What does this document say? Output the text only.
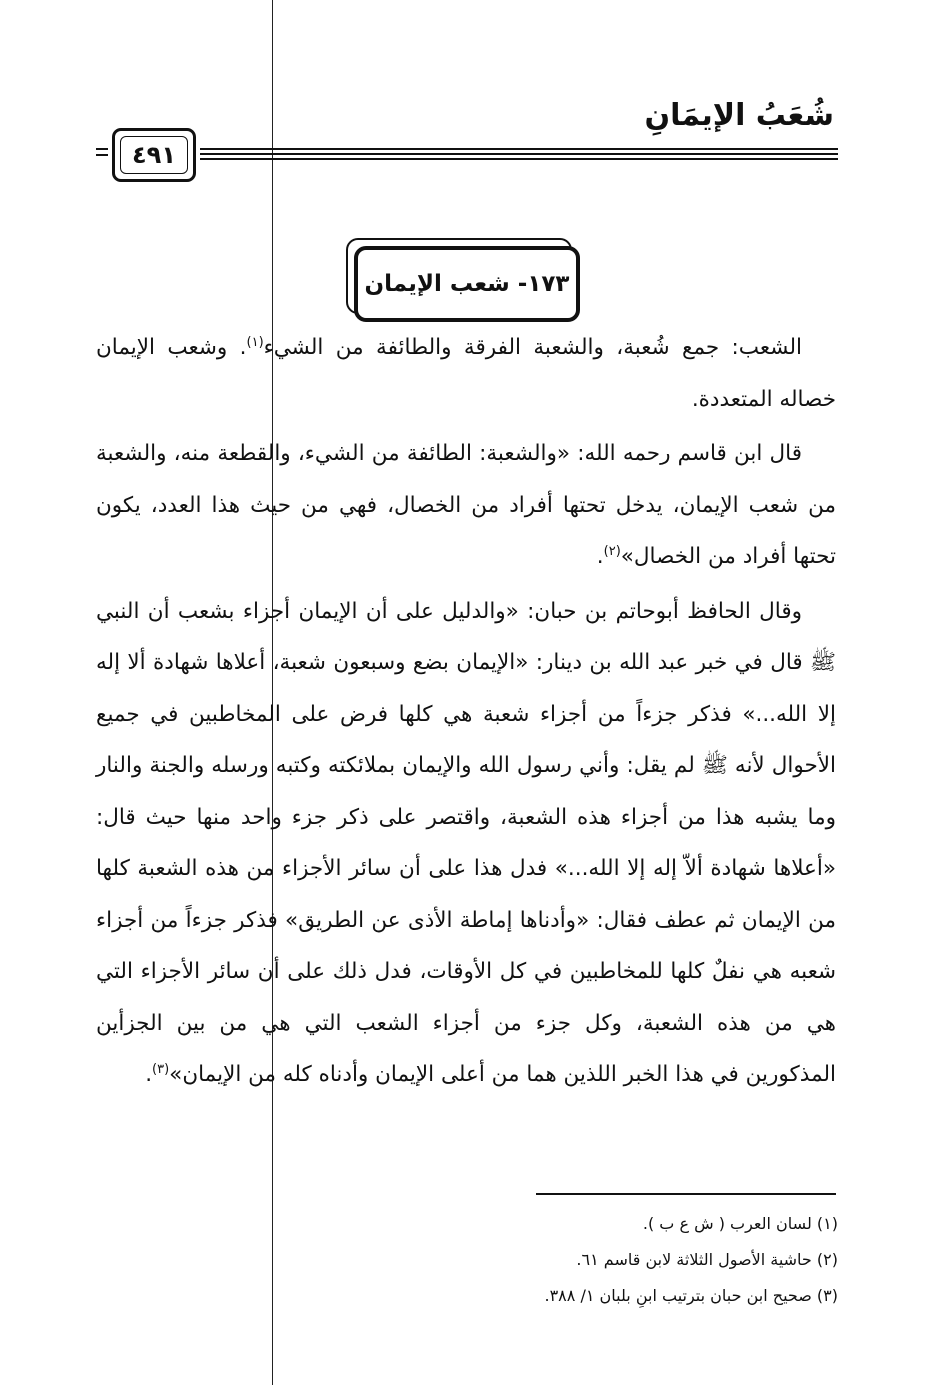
شُعَبُ الإيمَانِ
٤٩١
١٧٣- شعب الإيمان

الشعب: جمع شُعبة، والشعبة الفرقة والطائفة من الشيء$^{(١)}$. وشعب الإيمان خصاله المتعددة.

قال ابن قاسم رحمه الله: «والشعبة: الطائفة من الشيء، والقطعة منه، والشعبة من شعب الإيمان، يدخل تحتها أفراد من الخصال، فهي من حيث هذا العدد، يكون تحتها أفراد من الخصال»$^{(٢)}$.

وقال الحافظ أبوحاتم بن حبان: «والدليل على أن الإيمان أجزاء بشعب أن النبي ﷺ قال في خبر عبد الله بن دينار: «الإيمان بضع وسبعون شعبة، أعلاها شهادة ألا إله إلا الله...» فذكر جزءاً من أجزاء شعبة هي كلها فرض على المخاطبين في جميع الأحوال لأنه ﷺ لم يقل: وأني رسول الله والإيمان بملائكته وكتبه ورسله والجنة والنار وما يشبه هذا من أجزاء هذه الشعبة، واقتصر على ذكر جزء واحد منها حيث قال: «أعلاها شهادة ألاّ إله إلا الله...» فدل هذا على أن سائر الأجزاء من هذه الشعبة كلها من الإيمان ثم عطف فقال: «وأدناها إماطة الأذى عن الطريق» فذكر جزءاً من أجزاء شعبه هي نفلٌ كلها للمخاطبين في كل الأوقات، فدل ذلك على أن سائر الأجزاء التي هي من هذه الشعبة، وكل جزء من أجزاء الشعب التي هي من بين الجزأين المذكورين في هذا الخبر اللذين هما من أعلى الإيمان وأدناه كله من الإيمان»$^{(٣)}$.

(١) لسان العرب ( ش ع ب ).
(٢) حاشية الأصول الثلاثة لابن قاسم ٦١.
(٣) صحيح ابن حبان بترتيب ابنِ بلبان ١/ ٣٨٨.
